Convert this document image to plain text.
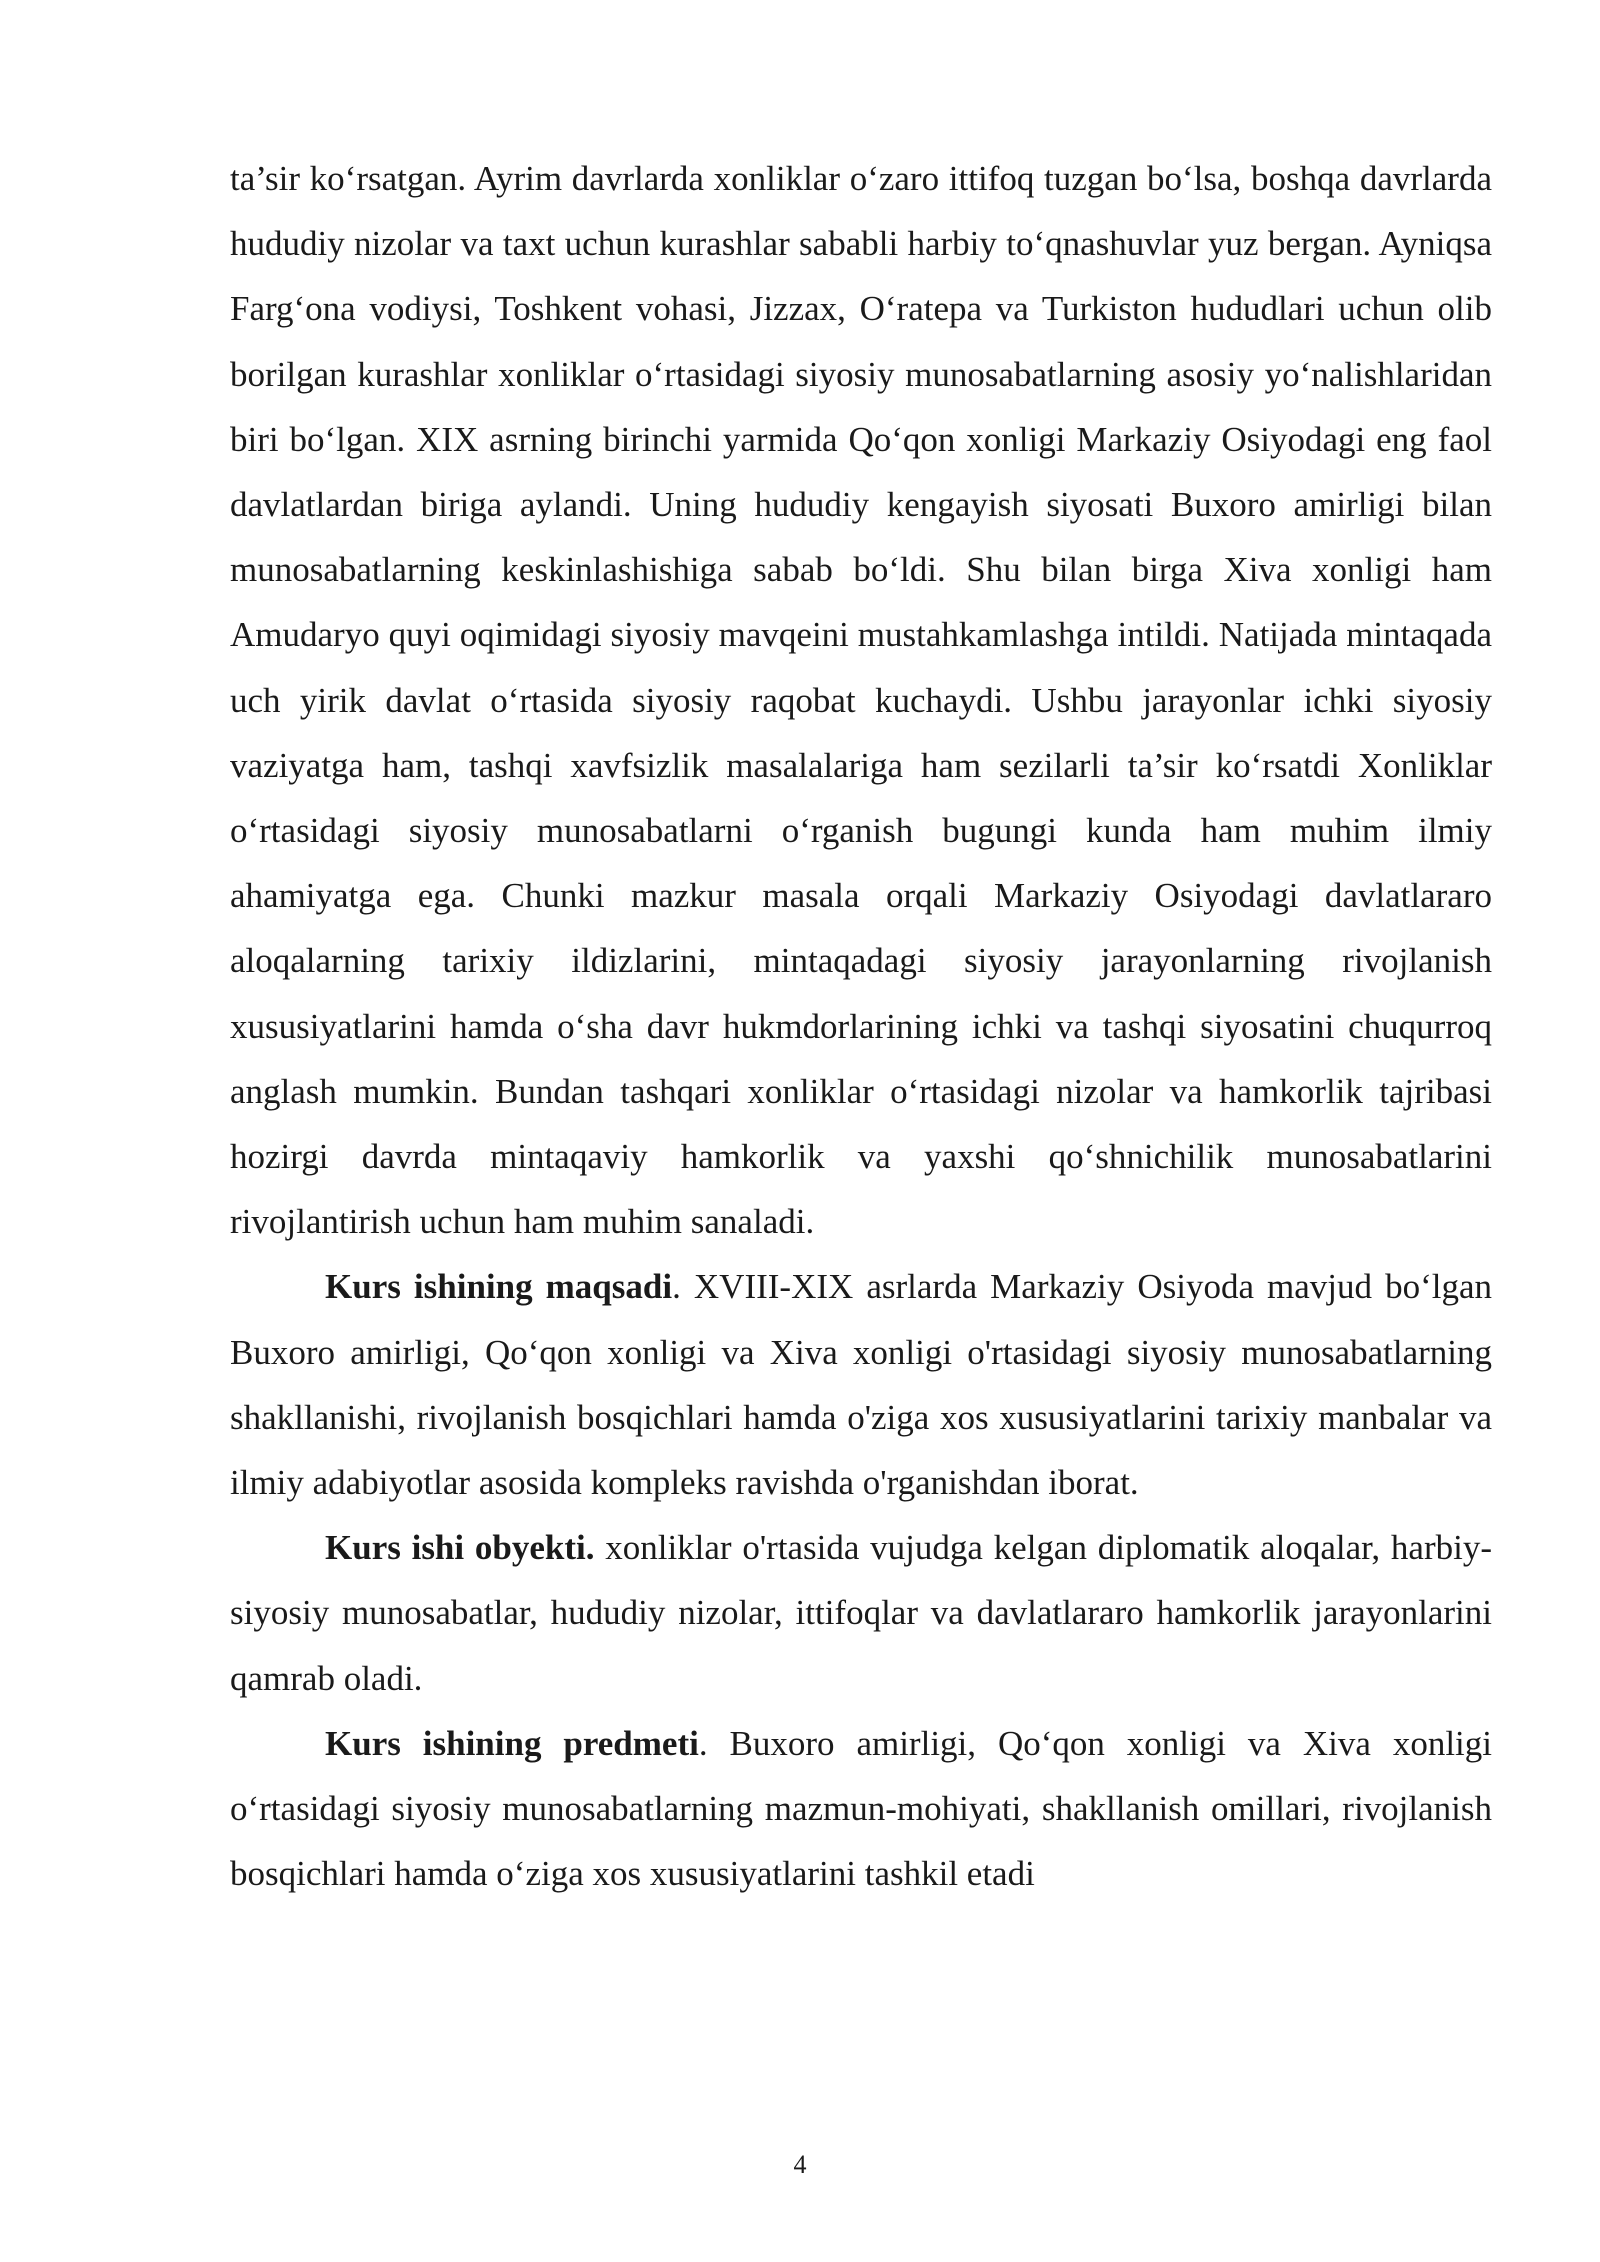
ta’sir ko‘rsatgan. Ayrim davrlarda xonliklar o‘zaro ittifoq tuzgan bo‘lsa, boshqa davrlarda hududiy nizolar va taxt uchun kurashlar sababli harbiy to‘qnashuvlar yuz bergan. Ayniqsa Farg‘ona vodiysi, Toshkent vohasi, Jizzax, O‘ratepa va Turkiston hududlari uchun olib borilgan kurashlar xonliklar o‘rtasidagi siyosiy munosabatlarning asosiy yo‘nalishlaridan biri bo‘lgan. XIX asrning birinchi yarmida Qo‘qon xonligi Markaziy Osiyodagi eng faol davlatlardan biriga aylandi. Uning hududiy kengayish siyosati Buxoro amirligi bilan munosabatlarning keskinlashishiga sabab bo‘ldi. Shu bilan birga Xiva xonligi ham Amudaryo quyi oqimidagi siyosiy mavqeini mustahkamlashga intildi. Natijada mintaqada uch yirik davlat o‘rtasida siyosiy raqobat kuchaydi. Ushbu jarayonlar ichki siyosiy vaziyatga ham, tashqi xavfsizlik masalalariga ham sezilarli ta’sir ko‘rsatdi Xonliklar o‘rtasidagi siyosiy munosabatlarni o‘rganish bugungi kunda ham muhim ilmiy ahamiyatga ega. Chunki mazkur masala orqali Markaziy Osiyodagi davlatlararo aloqalarning tarixiy ildizlarini, mintaqadagi siyosiy jarayonlarning rivojlanish xususiyatlarini hamda o‘sha davr hukmdorlarining ichki va tashqi siyosatini chuqurroq anglash mumkin. Bundan tashqari xonliklar o‘rtasidagi nizolar va hamkorlik tajribasi hozirgi davrda mintaqaviy hamkorlik va yaxshi qo‘shnichilik munosabatlarini rivojlantirish uchun ham muhim sanaladi.

Kurs ishining maqsadi. XVIII-XIX asrlarda Markaziy Osiyoda mavjud bo‘lgan Buxoro amirligi, Qo‘qon xonligi va Xiva xonligi o'rtasidagi siyosiy munosabatlarning shakllanishi, rivojlanish bosqichlari hamda o'ziga xos xususiyatlarini tarixiy manbalar va ilmiy adabiyotlar asosida kompleks ravishda o'rganishdan iborat.

Kurs ishi obyekti. xonliklar o'rtasida vujudga kelgan diplomatik aloqalar, harbiy-siyosiy munosabatlar, hududiy nizolar, ittifoqlar va davlatlararo hamkorlik jarayonlarini qamrab oladi.

Kurs ishining predmeti. Buxoro amirligi, Qo‘qon xonligi va Xiva xonligi o‘rtasidagi siyosiy munosabatlarning mazmun-mohiyati, shakllanish omillari, rivojlanish bosqichlari hamda o‘ziga xos xususiyatlarini tashkil etadi

4
